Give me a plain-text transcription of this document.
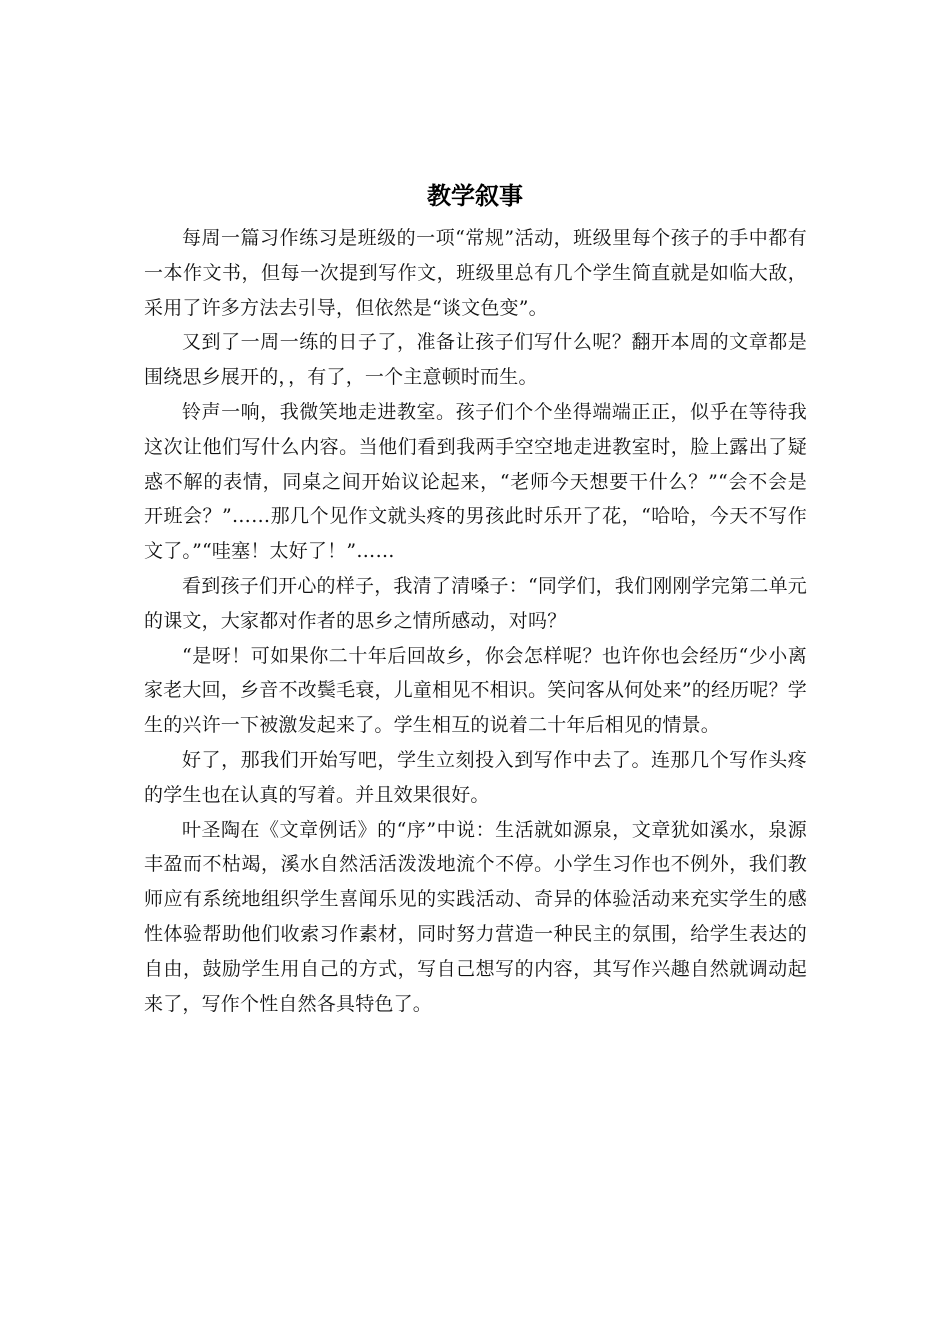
教学叙事

每周一篇习作练习是班级的一项“常规”活动，班级里每个孩子的手中都有一本作文书，但每一次提到写作文，班级里总有几个学生简直就是如临大敌，采用了许多方法去引导，但依然是“谈文色变”。

又到了一周一练的日子了，准备让孩子们写什么呢？翻开本周的文章都是围绕思乡展开的，，有了，一个主意顿时而生。

铃声一响，我微笑地走进教室。孩子们个个坐得端端正正，似乎在等待我这次让他们写什么内容。当他们看到我两手空空地走进教室时，脸上露出了疑惑不解的表情，同桌之间开始议论起来，“老师今天想要干什么？”“会不会是开班会？”……那几个见作文就头疼的男孩此时乐开了花，“哈哈，今天不写作文了。”“哇塞！太好了！”……

看到孩子们开心的样子，我清了清嗓子：“同学们，我们刚刚学完第二单元的课文，大家都对作者的思乡之情所感动，对吗？

“是呀！可如果你二十年后回故乡，你会怎样呢？也许你也会经历“少小离家老大回，乡音不改鬓毛衰，儿童相见不相识。笑问客从何处来”的经历呢？学生的兴许一下被激发起来了。学生相互的说着二十年后相见的情景。

好了，那我们开始写吧，学生立刻投入到写作中去了。连那几个写作头疼的学生也在认真的写着。并且效果很好。

叶圣陶在《文章例话》的“序”中说：生活就如源泉，文章犹如溪水，泉源丰盈而不枯竭，溪水自然活活泼泼地流个不停。小学生习作也不例外，我们教师应有系统地组织学生喜闻乐见的实践活动、奇异的体验活动来充实学生的感性体验帮助他们收索习作素材，同时努力营造一种民主的氛围，给学生表达的自由，鼓励学生用自己的方式，写自己想写的内容，其写作兴趣自然就调动起来了，写作个性自然各具特色了。
